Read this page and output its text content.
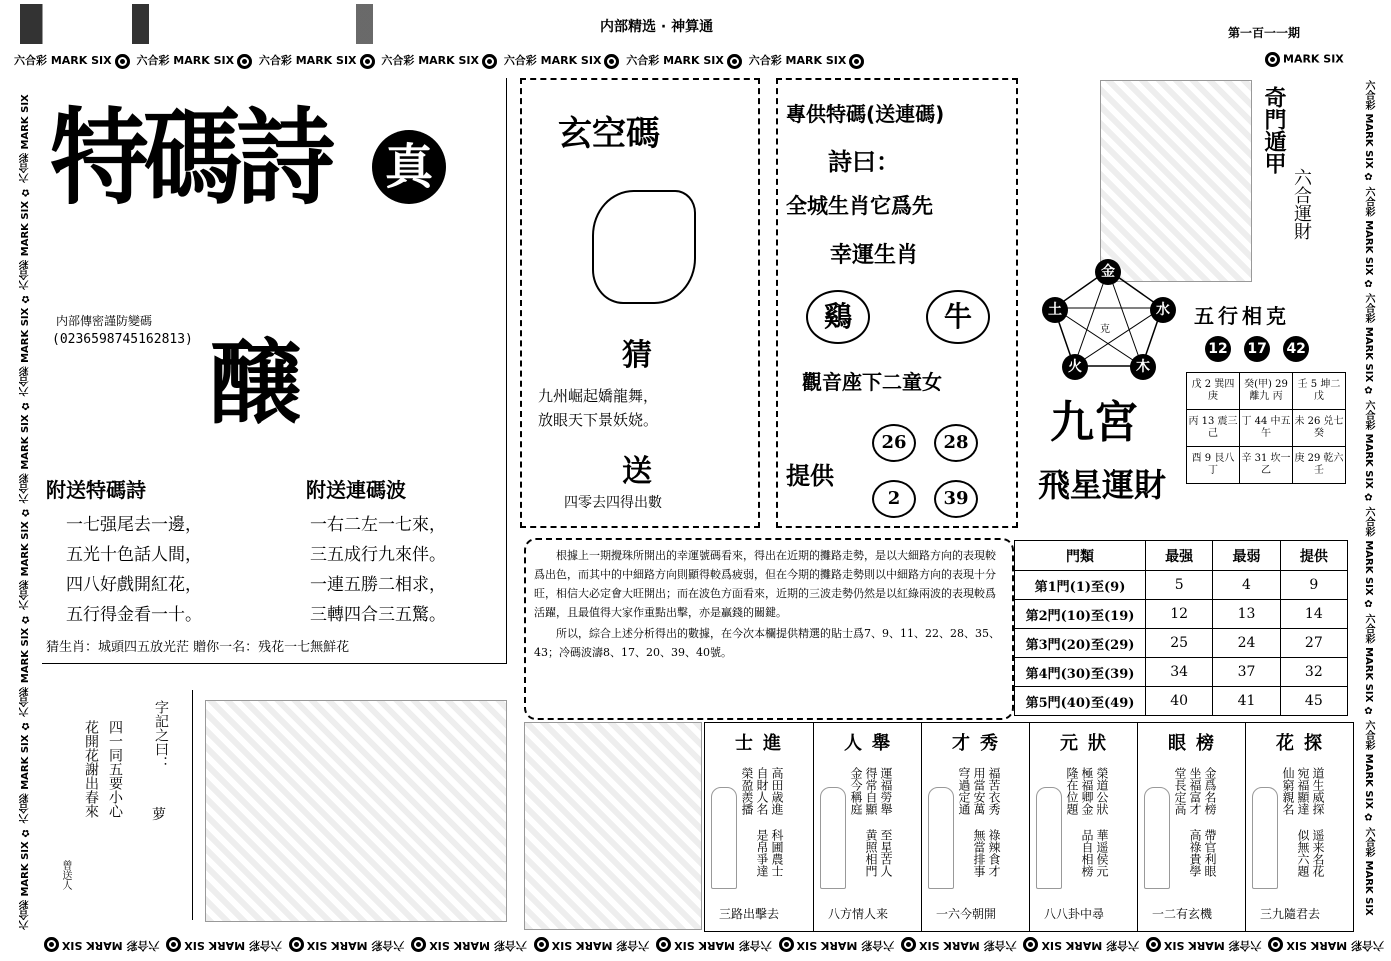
内部精选 · 神算通	第一百一一期
六合彩 MARK SIX 六合彩 MARK SIX 六合彩 MARK SIX 六合彩 MARK SIX 六合彩 MARK SIX 六合彩 MARK SIX 六合彩 MARK SIX	MARK SIX
六合彩 MARK SIX 六合彩 MARK SIX 六合彩 MARK SIX 六合彩 MARK SIX 六合彩 MARK SIX 六合彩 MARK SIX 六合彩 MARK SIX 六合彩 MARK SIX 六合彩 MARK SIX 六合彩 MARK SIX 六合彩 MARK SIX
六合彩 MARK SIX ✿ 六合彩 MARK SIX ✿ 六合彩 MARK SIX ✿ 六合彩 MARK SIX ✿ 六合彩 MARK SIX ✿ 六合彩 MARK SIX ✿ 六合彩 MARK SIX ✿ 六合彩 MARK SIX	六合彩 MARK SIX ✿ 六合彩 MARK SIX ✿ 六合彩 MARK SIX ✿ 六合彩 MARK SIX ✿ 六合彩 MARK SIX ✿ 六合彩 MARK SIX ✿ 六合彩 MARK SIX ✿ 六合彩 MARK SIX
特碼詩 真
内部傳密謹防變碼
(0236598745162813) 醸
附送特碼詩
一七强尾去一邊，
五光十色話人間，
四八好戲開紅花，
五行得金看一十。
附送連碼波
一右二左一七來，
三五成行九來伴。
一連五勝二相求，
三轉四合三五驚。
猜生肖：城頭四五放光茫 贈你一名：残花一七無鮮花
四一同五要小心
花開花謝出春來	字記之曰：
萝
曾送人
玄空碼
猜
九州崛起嬌龍舞，
放眼天下景妖娆。
送
四零去四得出數
專供特碼(送連碼)
詩曰：
全城生肖它爲先
幸運生肖
鷄	牛
觀音座下二童女
提供
26	28
2	39
奇門遁甲
六合運財
金
水
木
火
土
克
五行相克
12 17 42
九宮
飛星運財
戊 2 巽四 庚	癸(甲) 29 離九 丙	壬 5 坤二 戊
丙 13 震三 己	丁 44 中五 午	未 26 兑七 癸
酉 9 艮八 丁	辛 31 坎一 乙	庚 29 乾六 壬
根據上一期攪珠所開出的幸運號碼看來，得出在近期的攤路走勢，是以大細路方向的表現較爲出色，而其中的中細路方向則顯得較爲疲弱，但在今期的攤路走勢則以中細路方向的表現十分旺，相信大必定會大旺開出；而在波色方面看來，近期的三波走勢仍然是以紅綠兩波的表現較爲活躍，且最值得大家作重點出擊，亦是贏錢的關鍵。
所以，綜合上述分析得出的數據，在今次本欄提供精選的貼士爲7、9、11、22、28、35、43；冷碼波濤8、17、20、39、40號。
門類	最强	最弱	提供
第1門(1)至(9)	5	4	9
第2門(10)至(19)	12	13	14
第3門(20)至(29)	25	24	27
第4門(30)至(39)	34	37	32
第5門(40)至(49)	40	41	45
士進
高田歳進 科圃農士 自財人名 是帛爭達 榮盈羨播
三路出擊去
人舉
運福勞舉 至星苦人 得常自顯 黄照相門 金今稱庭
八方情人来
才秀
福苦衣秀 祿辣食才 用當安萬 無當排事 穹過定通
一六今朝開
元狀
榮道公狀 華遥侯元 極福卿金 品自相榜 隆在位題
八八卦中尋
眼榜
金爲名榜 帶官利眼 坐福富才 高祿貴學 堂長定高
一二有玄機
花探
道生威探 遥来名花 宛福顯達 似無六題 仙窮親名
三九隨君去
